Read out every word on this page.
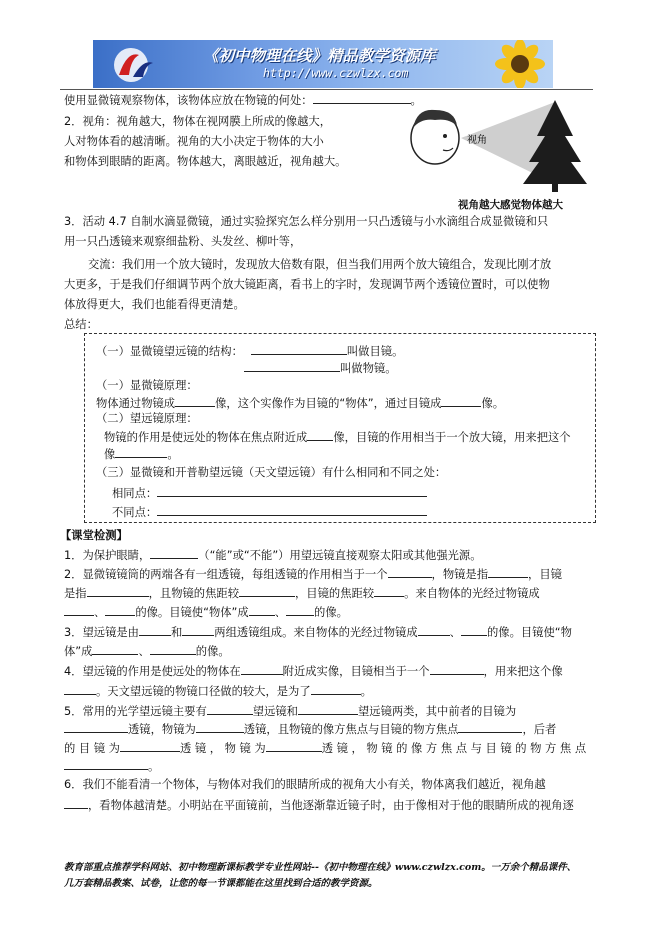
《初中物理在线》精品教学资源库
http://www.czwlzx.com
使用显微镜观察物体，该物体应放在物镜的何处：	。
2．视角：视角越大，物体在视网膜上所成的像越大，
人对物体看的越清晰。视角的大小决定于物体的大小
和物体到眼睛的距离。物体越大，离眼越近，视角越大。
视角
视角越大感觉物体越大
3．活动 4.7 自制水滴显微镜，通过实验探究怎么样分别用一只凸透镜与小水滴组合成显微镜和只
用一只凸透镜来观察细盐粉、头发丝、柳叶等，
交流：我们用一个放大镜时，发现放大倍数有限，但当我们用两个放大镜组合，发现比刚才放
大更多，于是我们仔细调节两个放大镜距离，看书上的字时，发现调节两个透镜位置时，可以使物
体放得更大，我们也能看得更清楚。
总结：
（一）显微镜望远镜的结构：	叫做目镜。
叫做物镜。
（一）显微镜原理：
物体通过物镜成	像，这个实像作为目镜的“物体”，通过目镜成	像。
（二）望远镜原理：
物镜的作用是使远处的物体在焦点附近成 像，目镜的作用相当于一个放大镜，用来把这个
像	。
（三）显微镜和开普勒望远镜（天文望远镜）有什么相同和不同之处：
相同点：
不同点：
【课堂检测】
1．为保护眼睛，	（“能”或“不能”）用望远镜直接观察太阳或其他强光源。
2．显微镜镜筒的两端各有一组透镜，每组透镜的作用相当于一个	，物镜是指	，目镜
是指	，且物镜的焦距较	，目镜的焦距较	。来自物体的光经过物镜成
、	的像。目镜使“物体”成 、 的像。
3．望远镜是由	和	两组透镜组成。来自物体的光经过物镜成	、 的像。目镜使“物
体”成	、	的像。
4．望远镜的作用是使远处的物体在	附近成实像，目镜相当于一个	，用来把这个像
。天文望远镜的物镜口径做的较大，是为了	。
5．常用的光学望远镜主要有	望远镜和	望远镜两类，其中前者的目镜为
透镜，物镜为	透镜，且物镜的像方焦点与目镜的物方焦点	，后者
的 目 镜 为	透 镜 ， 物 镜 为	透 镜 ， 物 镜 的 像 方 焦 点 与 目 镜 的 物 方 焦 点
。
6．我们不能看清一个物体，与物体对我们的眼睛所成的视角大小有关，物体离我们越近，视角越
，看物体越清楚。小明站在平面镜前，当他逐渐靠近镜子时，由于像相对于他的眼睛所成的视角逐
教育部重点推荐学科网站、初中物理新课标教学专业性网站--《初中物理在线》www.czwlzx.com。一万余个精品课件、
几万套精品教案、试卷，让您的每一节课都能在这里找到合适的教学资源。
